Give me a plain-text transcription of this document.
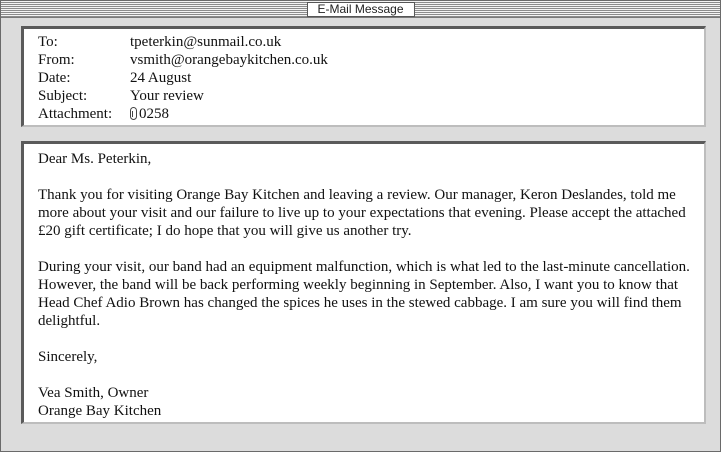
E-Mail Message
To:	tpeterkin@sunmail.co.uk
From:	vsmith@orangebaykitchen.co.uk
Date:	24 August
Subject:	Your review
Attachment: 0258

Dear Ms. Peterkin,

Thank you for visiting Orange Bay Kitchen and leaving a review. Our manager, Keron Deslandes, told me more about your visit and our failure to live up to your expectations that evening. Please accept the attached £20 gift certificate; I do hope that you will give us another try.

During your visit, our band had an equipment malfunction, which is what led to the last-minute cancellation. However, the band will be back performing weekly beginning in September. Also, I want you to know that Head Chef Adio Brown has changed the spices he uses in the stewed cabbage. I am sure you will find them delightful.

Sincerely,

Vea Smith, Owner
Orange Bay Kitchen
